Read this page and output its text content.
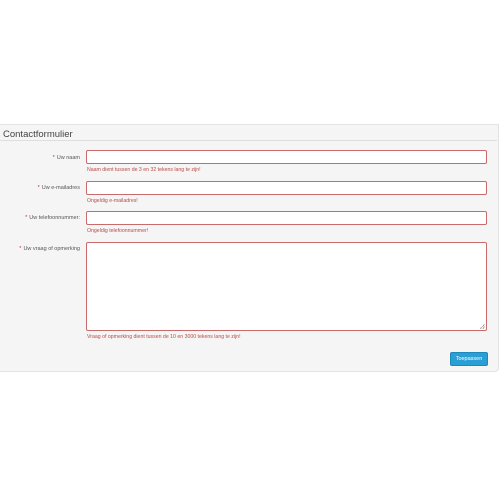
Contactformulier
* Uw naam
Naam dient tussen de 3 en 32 tekens lang te zijn!
* Uw e-mailadres
Ongeldig e-mailadres!
* Uw telefoonnummer:
Ongeldig telefoonnummer!
* Uw vraag of opmerking
Vraag of opmerking dient tussen de 10 en 3000 tekens lang te zijn!
Toepassen
